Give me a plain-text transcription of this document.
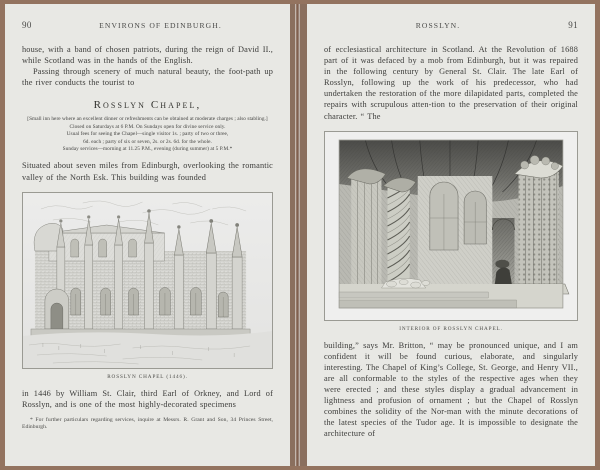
90	ENVIRONS OF EDINBURGH.

house, with a band of chosen patriots, during the reign of David II., while Scotland was in the hands of the English.

Passing through scenery of much natural beauty, the foot-path up the river conducts the tourist to

Rosslyn Chapel,
[Small inn here where an excellent dinner or refreshments can be obtained at moderate charges ; also stabling.]
Closed on Saturdays at 6 P.M. On Sundays open for divine service only.
Usual fees for seeing the Chapel—single visitor 1s. ; party of two or three,
6d. each ; party of six or seven, 2s. or 2s. 6d. for the whole.
Sunday services—morning at 11.25 P.M., evening (during summer) at 5 P.M.*

Situated about seven miles from Edinburgh, overlooking the romantic valley of the North Esk. This building was founded

ROSSLYN CHAPEL (1446).

in 1446 by William St. Clair, third Earl of Orkney, and Lord of Rosslyn, and is one of the most highly-decorated specimens

* For further particulars regarding services, inquire at Messrs. R. Grant and Son, 34 Princes Street, Edinburgh.

91
ROSSLYN.

of ecclesiastical architecture in Scotland. At the Revolution of 1688 part of it was defaced by a mob from Edinburgh, but it was repaired in the following century by General St. Clair. The late Earl of Rosslyn, following up the work of his predecessor, who had undertaken the restoration of the more dilapidated parts, completed the repairs with scrupulous atten-tion to the preservation of their original character. “ The

INTERIOR OF ROSSLYN CHAPEL.

building,” says Mr. Britton, “ may be pronounced unique, and I am confident it will be found curious, elaborate, and singularly interesting. The Chapel of King’s College, St. George, and Henry VII., are all conformable to the styles of the respective ages when they were erected ; and these styles display a gradual advancement in lightness and profusion of ornament ; but the Chapel of Rosslyn combines the solidity of the Nor-man with the minute decorations of the latest species of the Tudor age. It is impossible to designate the architecture of
